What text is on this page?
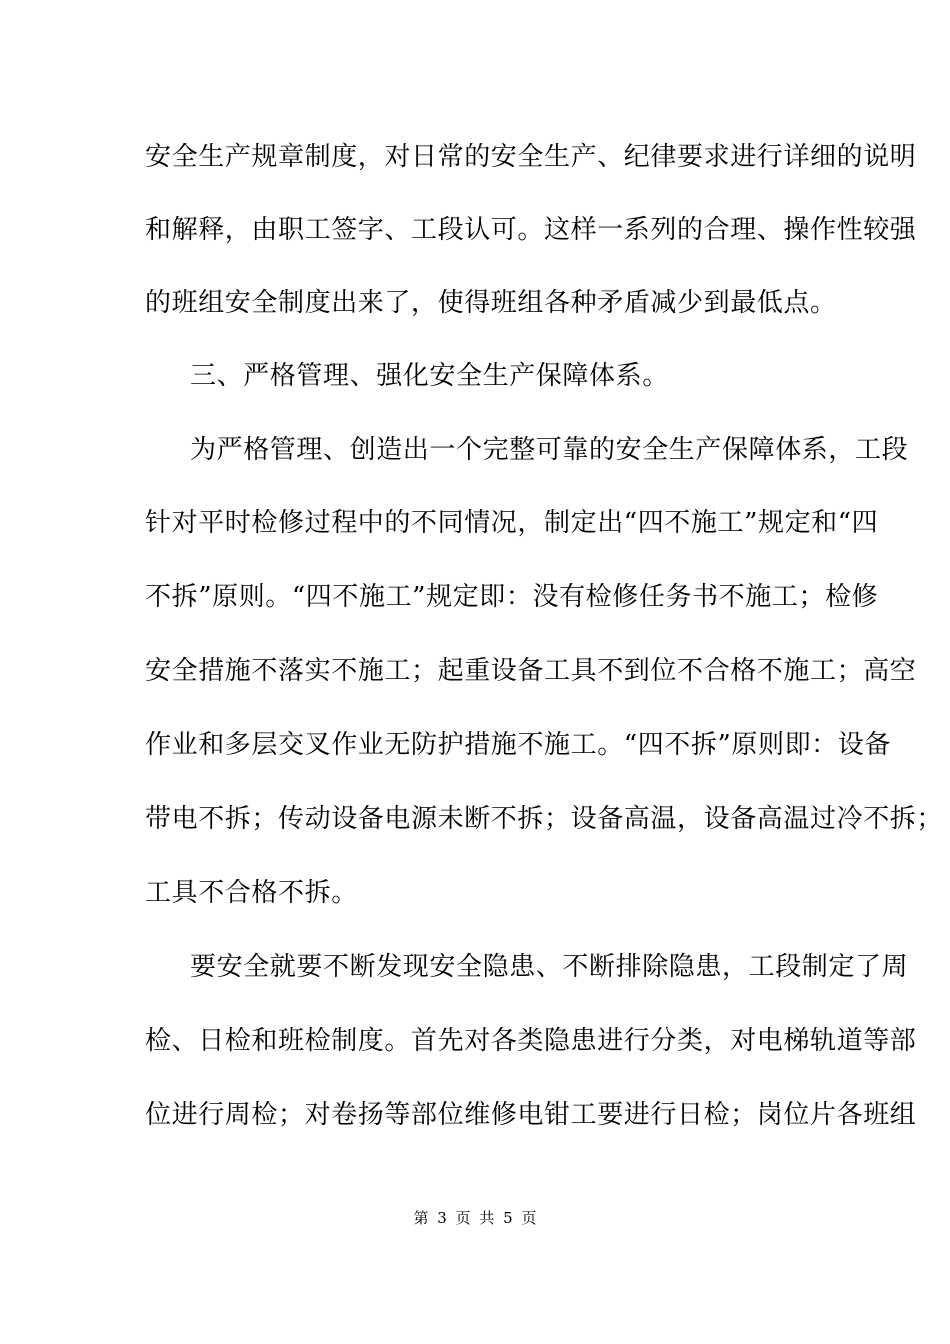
安全生产规章制度，对日常的安全生产、纪律要求进行详细的说明
和解释，由职工签字、工段认可。这样一系列的合理、操作性较强
的班组安全制度出来了，使得班组各种矛盾减少到最低点。
三、严格管理、强化安全生产保障体系。
为严格管理、创造出一个完整可靠的安全生产保障体系，工段
针对平时检修过程中的不同情况，制定出“四不施工”规定和“四
不拆”原则。“四不施工”规定即：没有检修任务书不施工；检修
安全措施不落实不施工；起重设备工具不到位不合格不施工；高空
作业和多层交叉作业无防护措施不施工。“四不拆”原则即：设备
带电不拆；传动设备电源未断不拆；设备高温，设备高温过冷不拆；
工具不合格不拆。
要安全就要不断发现安全隐患、不断排除隐患，工段制定了周
检、日检和班检制度。首先对各类隐患进行分类，对电梯轨道等部
位进行周检；对卷扬等部位维修电钳工要进行日检；岗位片各班组
第 3 页 共 5 页
